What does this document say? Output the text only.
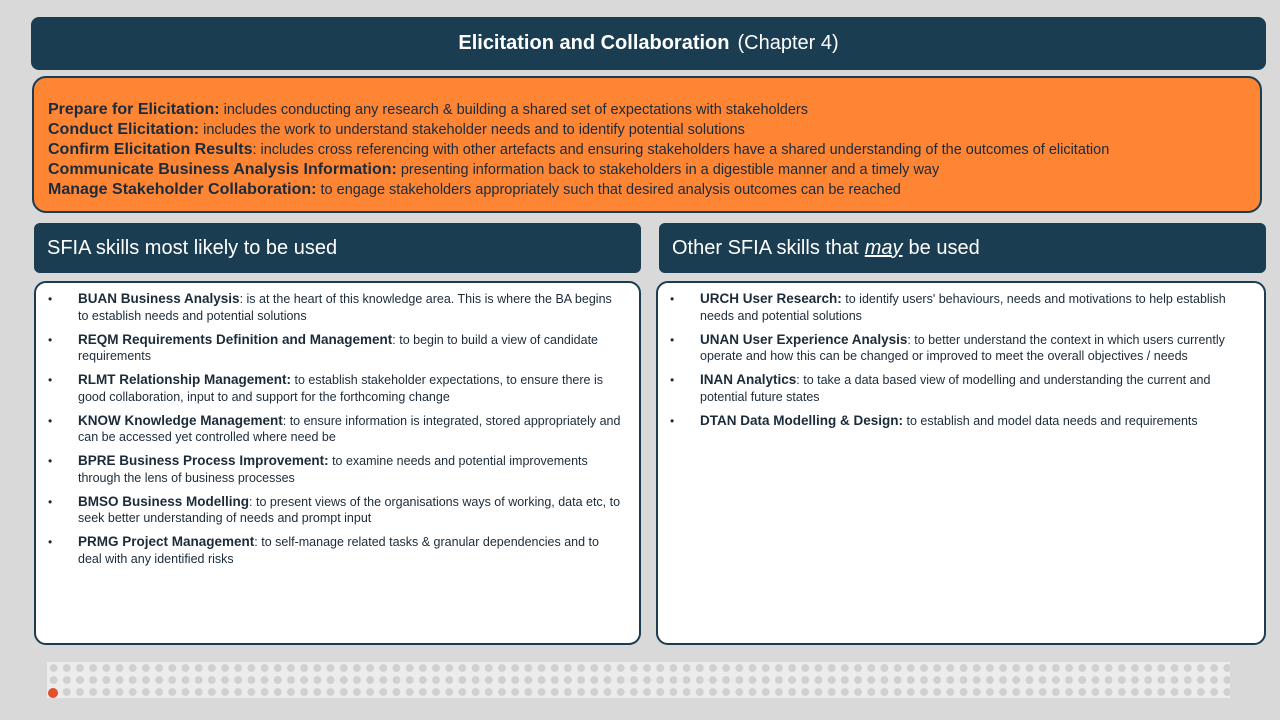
Elicitation and Collaboration (Chapter 4)
Prepare for Elicitation: includes conducting any research & building a shared set of expectations with stakeholders
Conduct Elicitation: includes the work to understand stakeholder needs and to identify potential solutions
Confirm Elicitation Results: includes cross referencing with other artefacts and ensuring stakeholders have a shared understanding of the outcomes of elicitation
Communicate Business Analysis Information: presenting information back to stakeholders in a digestible manner and a timely way
Manage Stakeholder Collaboration: to engage stakeholders appropriately such that desired analysis outcomes can be reached
SFIA skills most likely to be used	Other SFIA skills that may be used
• BUAN Business Analysis: is at the heart of this knowledge area. This is where the BA begins to establish needs and potential solutions
• REQM Requirements Definition and Management: to begin to build a view of candidate requirements
• RLMT Relationship Management: to establish stakeholder expectations, to ensure there is good collaboration, input to and support for the forthcoming change
• KNOW Knowledge Management: to ensure information is integrated, stored appropriately and can be accessed yet controlled where need be
• BPRE Business Process Improvement: to examine needs and potential improvements through the lens of business processes
• BMSO Business Modelling: to present views of the organisations ways of working, data etc, to seek better understanding of needs and prompt input
• PRMG Project Management: to self-manage related tasks & granular dependencies and to deal with any identified risks
• URCH User Research: to identify users' behaviours, needs and motivations to help establish needs and potential solutions
• UNAN User Experience Analysis: to better understand the context in which users currently operate and how this can be changed or improved to meet the overall objectives / needs
• INAN Analytics: to take a data based view of modelling and understanding the current and potential future states
• DTAN Data Modelling & Design: to establish and model data needs and requirements
